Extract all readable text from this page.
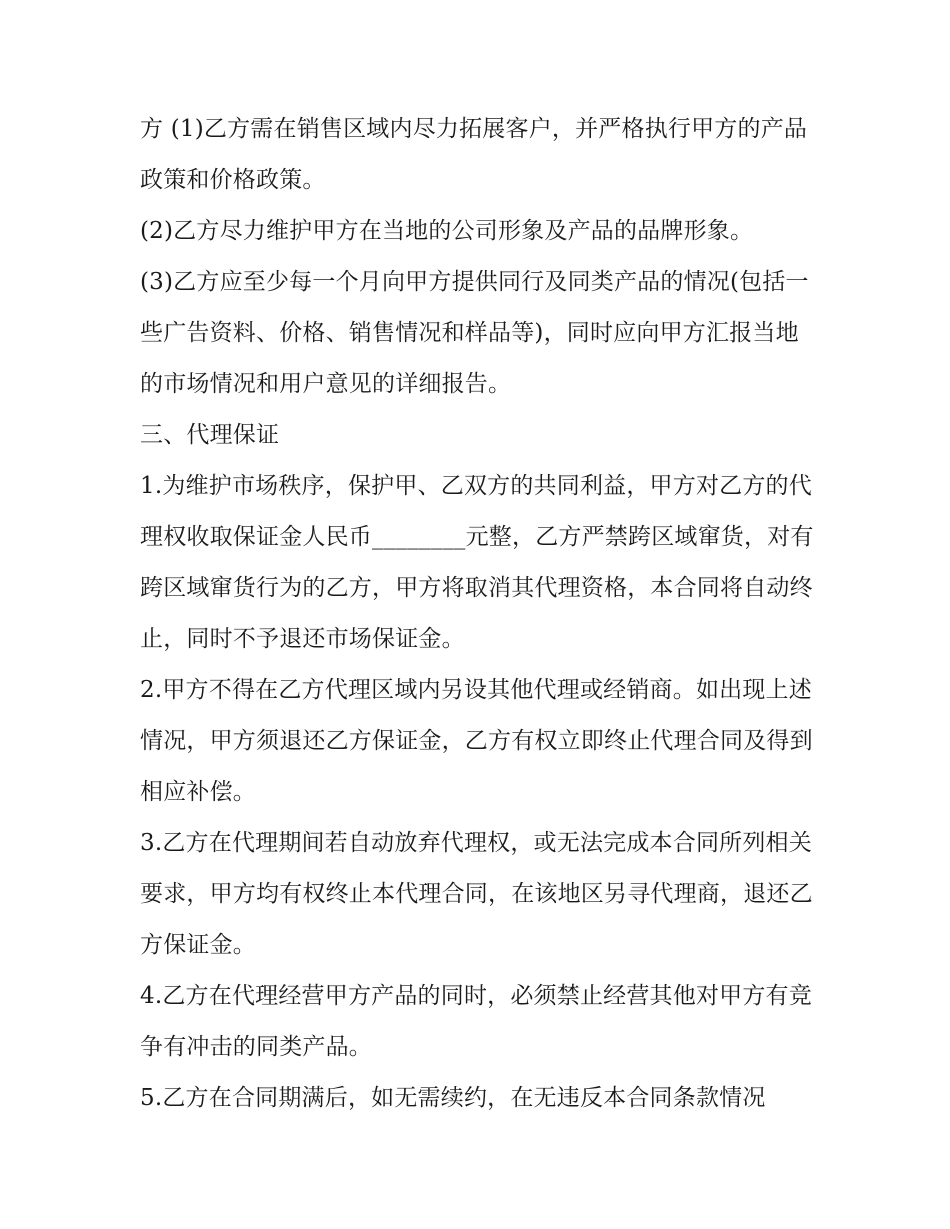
方 (1)乙方需在销售区域内尽力拓展客户，并严格执行甲方的产品政策和价格政策。

(2)乙方尽力维护甲方在当地的公司形象及产品的品牌形象。

(3)乙方应至少每一个月向甲方提供同行及同类产品的情况(包括一些广告资料、价格、销售情况和样品等)，同时应向甲方汇报当地的市场情况和用户意见的详细报告。

三、代理保证

1.为维护市场秩序，保护甲、乙双方的共同利益，甲方对乙方的代理权收取保证金人民币________元整，乙方严禁跨区域窜货，对有跨区域窜货行为的乙方，甲方将取消其代理资格，本合同将自动终止，同时不予退还市场保证金。

2.甲方不得在乙方代理区域内另设其他代理或经销商。如出现上述情况，甲方须退还乙方保证金，乙方有权立即终止代理合同及得到相应补偿。

3.乙方在代理期间若自动放弃代理权，或无法完成本合同所列相关要求，甲方均有权终止本代理合同，在该地区另寻代理商，退还乙方保证金。

4.乙方在代理经营甲方产品的同时，必须禁止经营其他对甲方有竞争有冲击的同类产品。

5.乙方在合同期满后，如无需续约，在无违反本合同条款情况
